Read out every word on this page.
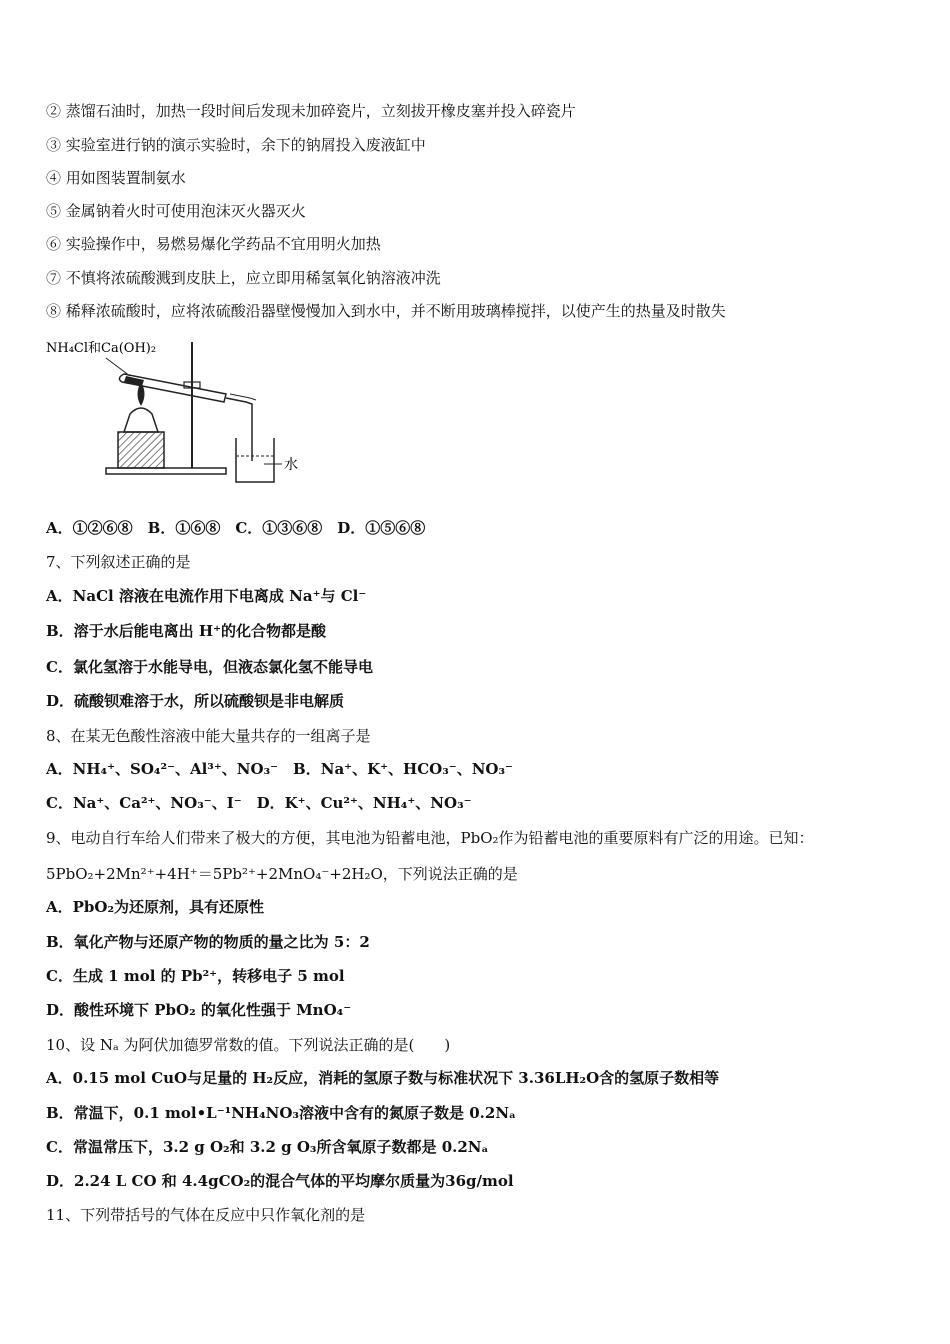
② 蒸馏石油时，加热一段时间后发现未加碎瓷片，立刻拔开橡皮塞并投入碎瓷片
③ 实验室进行钠的演示实验时，余下的钠屑投入废液缸中
④ 用如图装置制氨水
⑤ 金属钠着火时可使用泡沫灭火器灭火
⑥ 实验操作中，易燃易爆化学药品不宜用明火加热
⑦ 不慎将浓硫酸溅到皮肤上，应立即用稀氢氧化钠溶液冲洗
⑧ 稀释浓硫酸时，应将浓硫酸沿器壁慢慢加入到水中，并不断用玻璃棒搅拌，以使产生的热量及时散失
NH₄Cl和Ca(OH)₂
水
A．①②⑥⑧　B．①⑥⑧　C．①③⑥⑧　D．①⑤⑥⑧
7、下列叙述正确的是
A．NaCl 溶液在电流作用下电离成 Na⁺与 Cl⁻
B．溶于水后能电离出 H⁺的化合物都是酸
C．氯化氢溶于水能导电，但液态氯化氢不能导电
D．硫酸钡难溶于水，所以硫酸钡是非电解质
8、在某无色酸性溶液中能大量共存的一组离子是
A．NH₄⁺、SO₄²⁻、Al³⁺、NO₃⁻　B．Na⁺、K⁺、HCO₃⁻、NO₃⁻
C．Na⁺、Ca²⁺、NO₃⁻、I⁻　D．K⁺、Cu²⁺、NH₄⁺、NO₃⁻
9、电动自行车给人们带来了极大的方便，其电池为铅蓄电池，PbO₂作为铅蓄电池的重要原料有广泛的用途。已知：
5PbO₂+2Mn²⁺+4H⁺＝5Pb²⁺+2MnO₄⁻+2H₂O，下列说法正确的是
A．PbO₂为还原剂，具有还原性
B．氧化产物与还原产物的物质的量之比为 5：2
C．生成 1 mol 的 Pb²⁺，转移电子 5 mol
D．酸性环境下 PbO₂ 的氧化性强于 MnO₄⁻
10、设 Nₐ 为阿伏加德罗常数的值。下列说法正确的是(　　)
A．0.15 mol CuO与足量的 H₂反应，消耗的氢原子数与标准状况下 3.36LH₂O含的氢原子数相等
B．常温下，0.1 mol•L⁻¹NH₄NO₃溶液中含有的氮原子数是 0.2Nₐ
C．常温常压下，3.2 g O₂和 3.2 g O₃所含氧原子数都是 0.2Nₐ
D．2.24 L CO 和 4.4gCO₂的混合气体的平均摩尔质量为36g/mol
11、下列带括号的气体在反应中只作氧化剂的是
